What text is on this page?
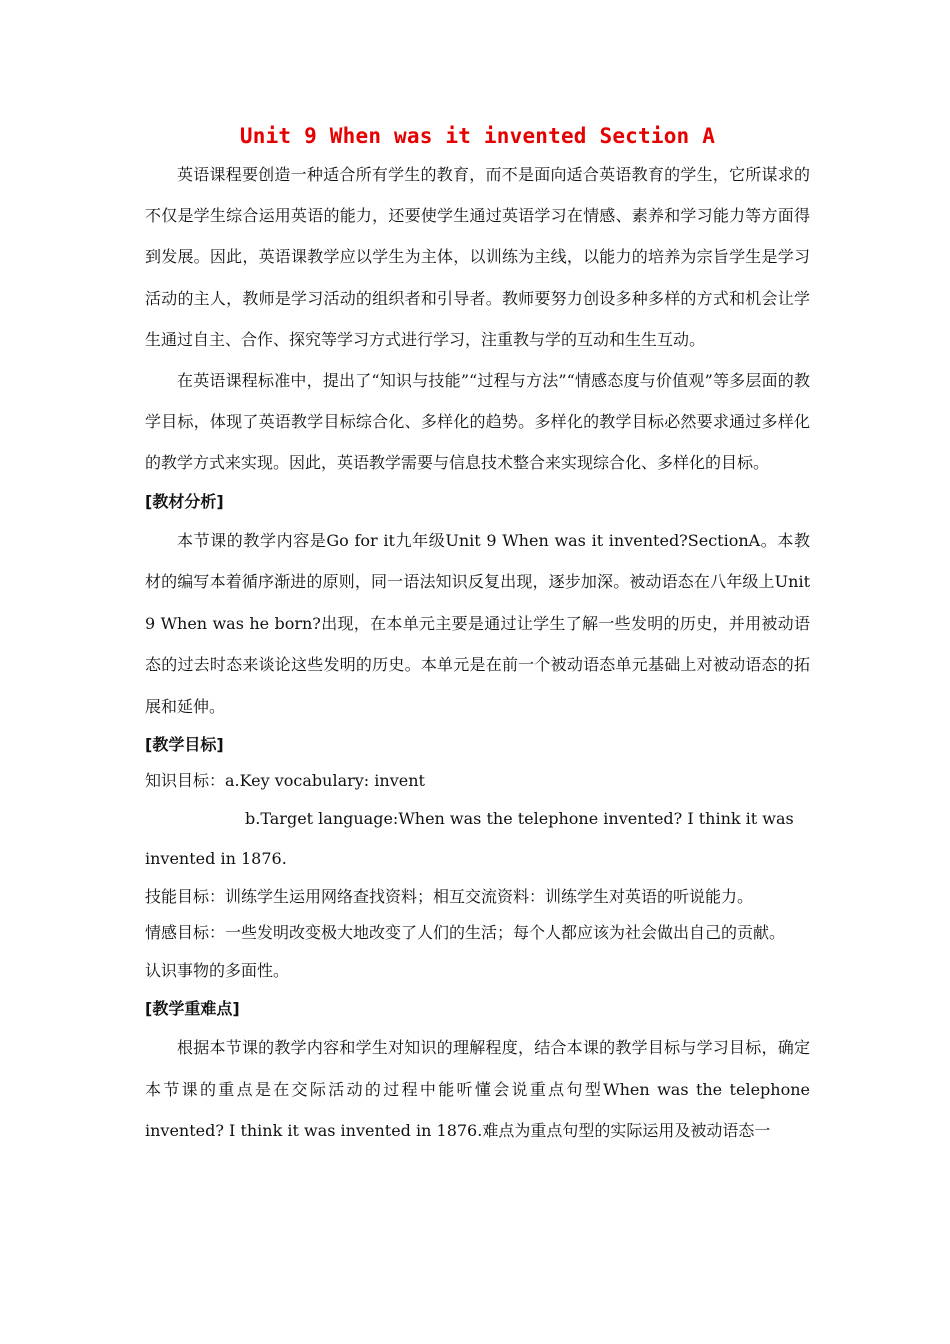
Unit 9 When was it invented Section A

英语课程要创造一种适合所有学生的教育，而不是面向适合英语教育的学生，它所谋求的不仅是学生综合运用英语的能力，还要使学生通过英语学习在情感、素养和学习能力等方面得到发展。因此，英语课教学应以学生为主体，以训练为主线，以能力的培养为宗旨学生是学习活动的主人，教师是学习活动的组织者和引导者。教师要努力创设多种多样的方式和机会让学生通过自主、合作、探究等学习方式进行学习，注重教与学的互动和生生互动。

在英语课程标准中，提出了“知识与技能”“过程与方法”“情感态度与价值观”等多层面的教学目标，体现了英语教学目标综合化、多样化的趋势。多样化的教学目标必然要求通过多样化的教学方式来实现。因此，英语教学需要与信息技术整合来实现综合化、多样化的目标。

[教材分析]

本节课的教学内容是Go for it九年级Unit 9 When was it invented?SectionA。本教材的编写本着循序渐进的原则，同一语法知识反复出现，逐步加深。被动语态在八年级上Unit 9 When was he born?出现，在本单元主要是通过让学生了解一些发明的历史，并用被动语态的过去时态来谈论这些发明的历史。本单元是在前一个被动语态单元基础上对被动语态的拓展和延伸。

[教学目标]

知识目标：a.Key vocabulary: invent

b.Target language:When was the telephone invented? I think it was

invented in 1876.

技能目标：训练学生运用网络查找资料；相互交流资料：训练学生对英语的听说能力。

情感目标：一些发明改变极大地改变了人们的生活；每个人都应该为社会做出自己的贡献。

认识事物的多面性。

[教学重难点]

根据本节课的教学内容和学生对知识的理解程度，结合本课的教学目标与学习目标，确定本节课的重点是在交际活动的过程中能听懂会说重点句型When was the telephone invented? I think it was invented in 1876.难点为重点句型的实际运用及被动语态一
